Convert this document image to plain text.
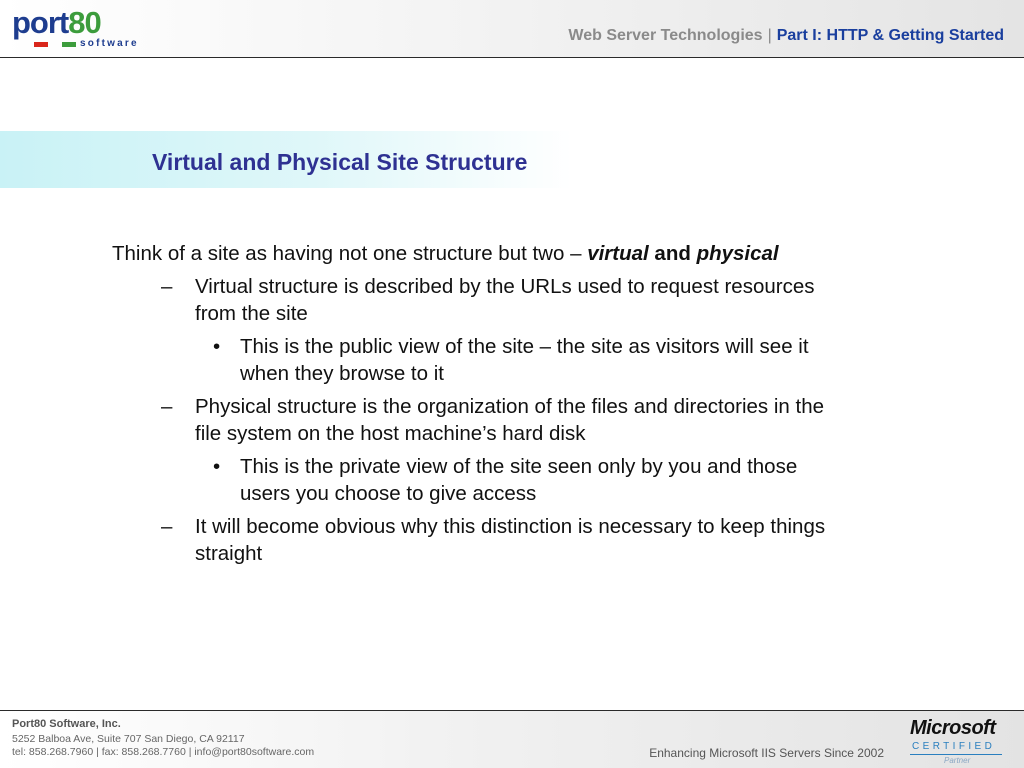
port80
software	Web Server Technologies | Part I: HTTP & Getting Started
Virtual and Physical Site Structure
Think of a site as having not one structure but two – virtual and physical
– Virtual structure is described by the URLs used to request resources
from the site
• This is the public view of the site – the site as visitors will see it
when they browse to it
– Physical structure is the organization of the files and directories in the
file system on the host machine’s hard disk
• This is the private view of the site seen only by you and those
users you choose to give access
– It will become obvious why this distinction is necessary to keep things
straight
Port80 Software, Inc.
5252 Balboa Ave, Suite 707 San Diego, CA 92117
tel: 858.268.7960 | fax: 858.268.7760 | info@port80software.com	Enhancing Microsoft IIS Servers Since 2002
Microsoft
CERTIFIED
Partner
